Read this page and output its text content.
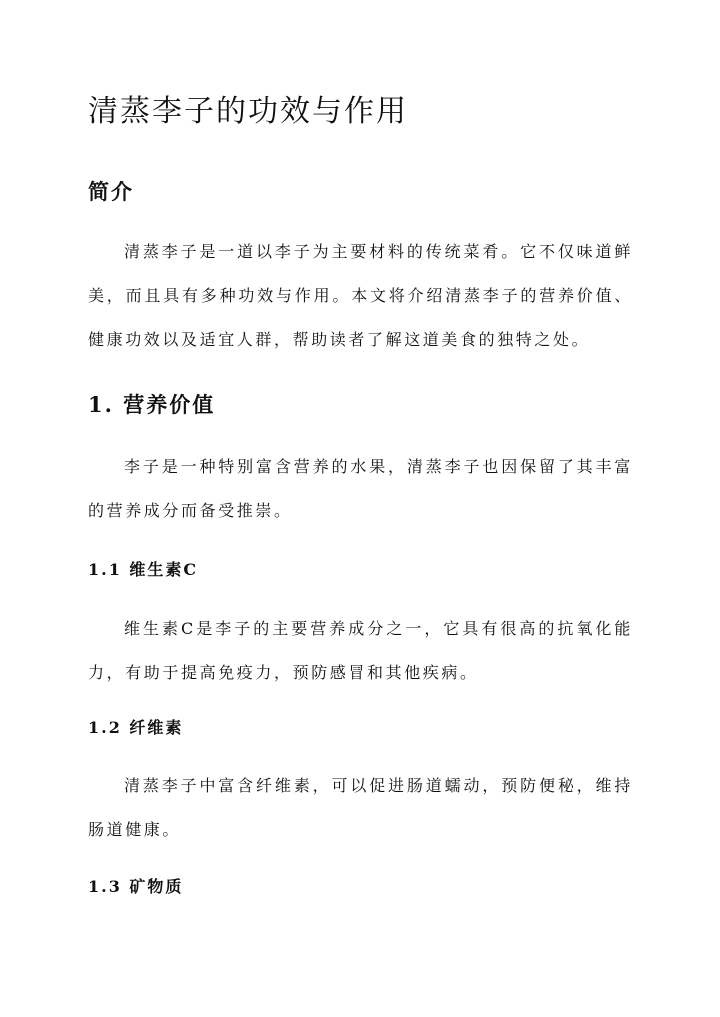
清蒸李子的功效与作用
简介

清蒸李子是一道以李子为主要材料的传统菜肴。它不仅味道鲜美，而且具有多种功效与作用。本文将介绍清蒸李子的营养价值、健康功效以及适宜人群，帮助读者了解这道美食的独特之处。

1. 营养价值

李子是一种特别富含营养的水果，清蒸李子也因保留了其丰富的营养成分而备受推崇。

1.1 维生素C

维生素C是李子的主要营养成分之一，它具有很高的抗氧化能力，有助于提高免疫力，预防感冒和其他疾病。

1.2 纤维素

清蒸李子中富含纤维素，可以促进肠道蠕动，预防便秘，维持肠道健康。

1.3 矿物质
